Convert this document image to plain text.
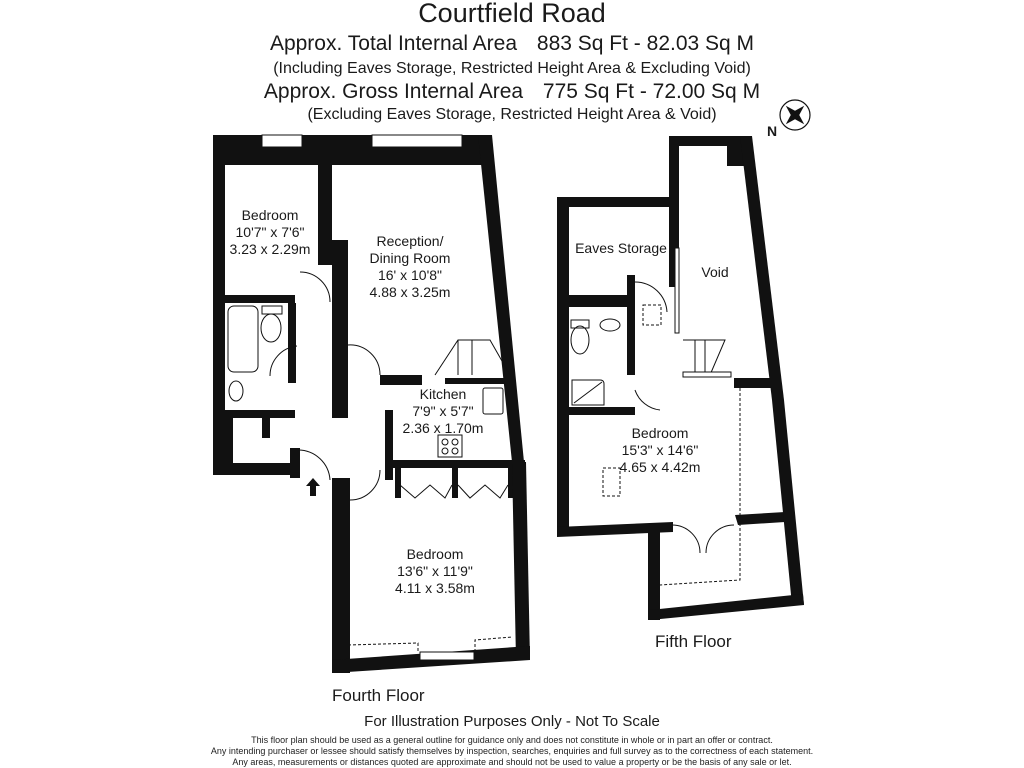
Courtfield Road
Approx. Total Internal Area 883 Sq Ft - 82.03 Sq M
(Including Eaves Storage, Restricted Height Area & Excluding Void)
Approx. Gross Internal Area 775 Sq Ft - 72.00 Sq M
(Excluding Eaves Storage, Restricted Height Area & Void)
N
Bedroom
10'7" x 7'6"
3.23 x 2.29m	Reception/
Dining Room
16' x 10'8"
4.88 x 3.25m
Kitchen
7'9" x 5'7"
2.36 x 1.70m
Bedroom
13'6" x 11'9"
4.11 x 3.58m
Fourth Floor
Eaves Storage
Void
Bedroom
15'3" x 14'6"
4.65 x 4.42m
Fifth Floor
For Illustration Purposes Only - Not To Scale
This floor plan should be used as a general outline for guidance only and does not constitute in whole or in part an offer or contract.
Any intending purchaser or lessee should satisfy themselves by inspection, searches, enquiries and full survey as to the correctness of each statement.
Any areas, measurements or distances quoted are approximate and should not be used to value a property or be the basis of any sale or let.
